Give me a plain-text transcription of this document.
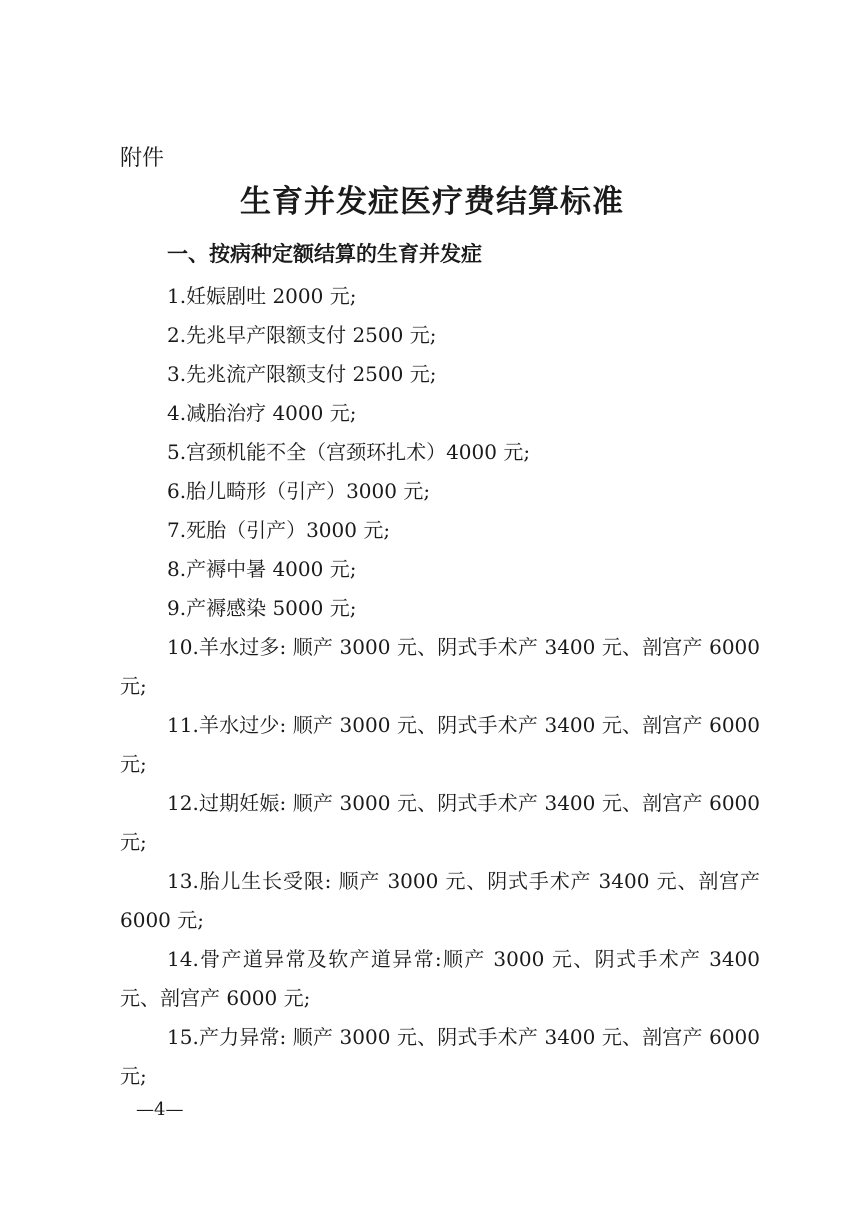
附件

生育并发症医疗费结算标准
一、按病种定额结算的生育并发症
1.妊娠剧吐 2000 元;
2.先兆早产限额支付 2500 元;
3.先兆流产限额支付 2500 元;
4.减胎治疗 4000 元;
5.宫颈机能不全（宫颈环扎术）4000 元;
6.胎儿畸形（引产）3000 元;
7.死胎（引产）3000 元;
8.产褥中暑 4000 元;
9.产褥感染 5000 元;
10.羊水过多: 顺产 3000 元、阴式手术产 3400 元、剖宫产 6000 元;
11.羊水过少: 顺产 3000 元、阴式手术产 3400 元、剖宫产 6000 元;
12.过期妊娠: 顺产 3000 元、阴式手术产 3400 元、剖宫产 6000 元;
13.胎儿生长受限: 顺产 3000 元、阴式手术产 3400 元、剖宫产 6000 元;
14.骨产道异常及软产道异常:顺产 3000 元、阴式手术产 3400 元、剖宫产 6000 元;
15.产力异常: 顺产 3000 元、阴式手术产 3400 元、剖宫产 6000 元;

—4—
